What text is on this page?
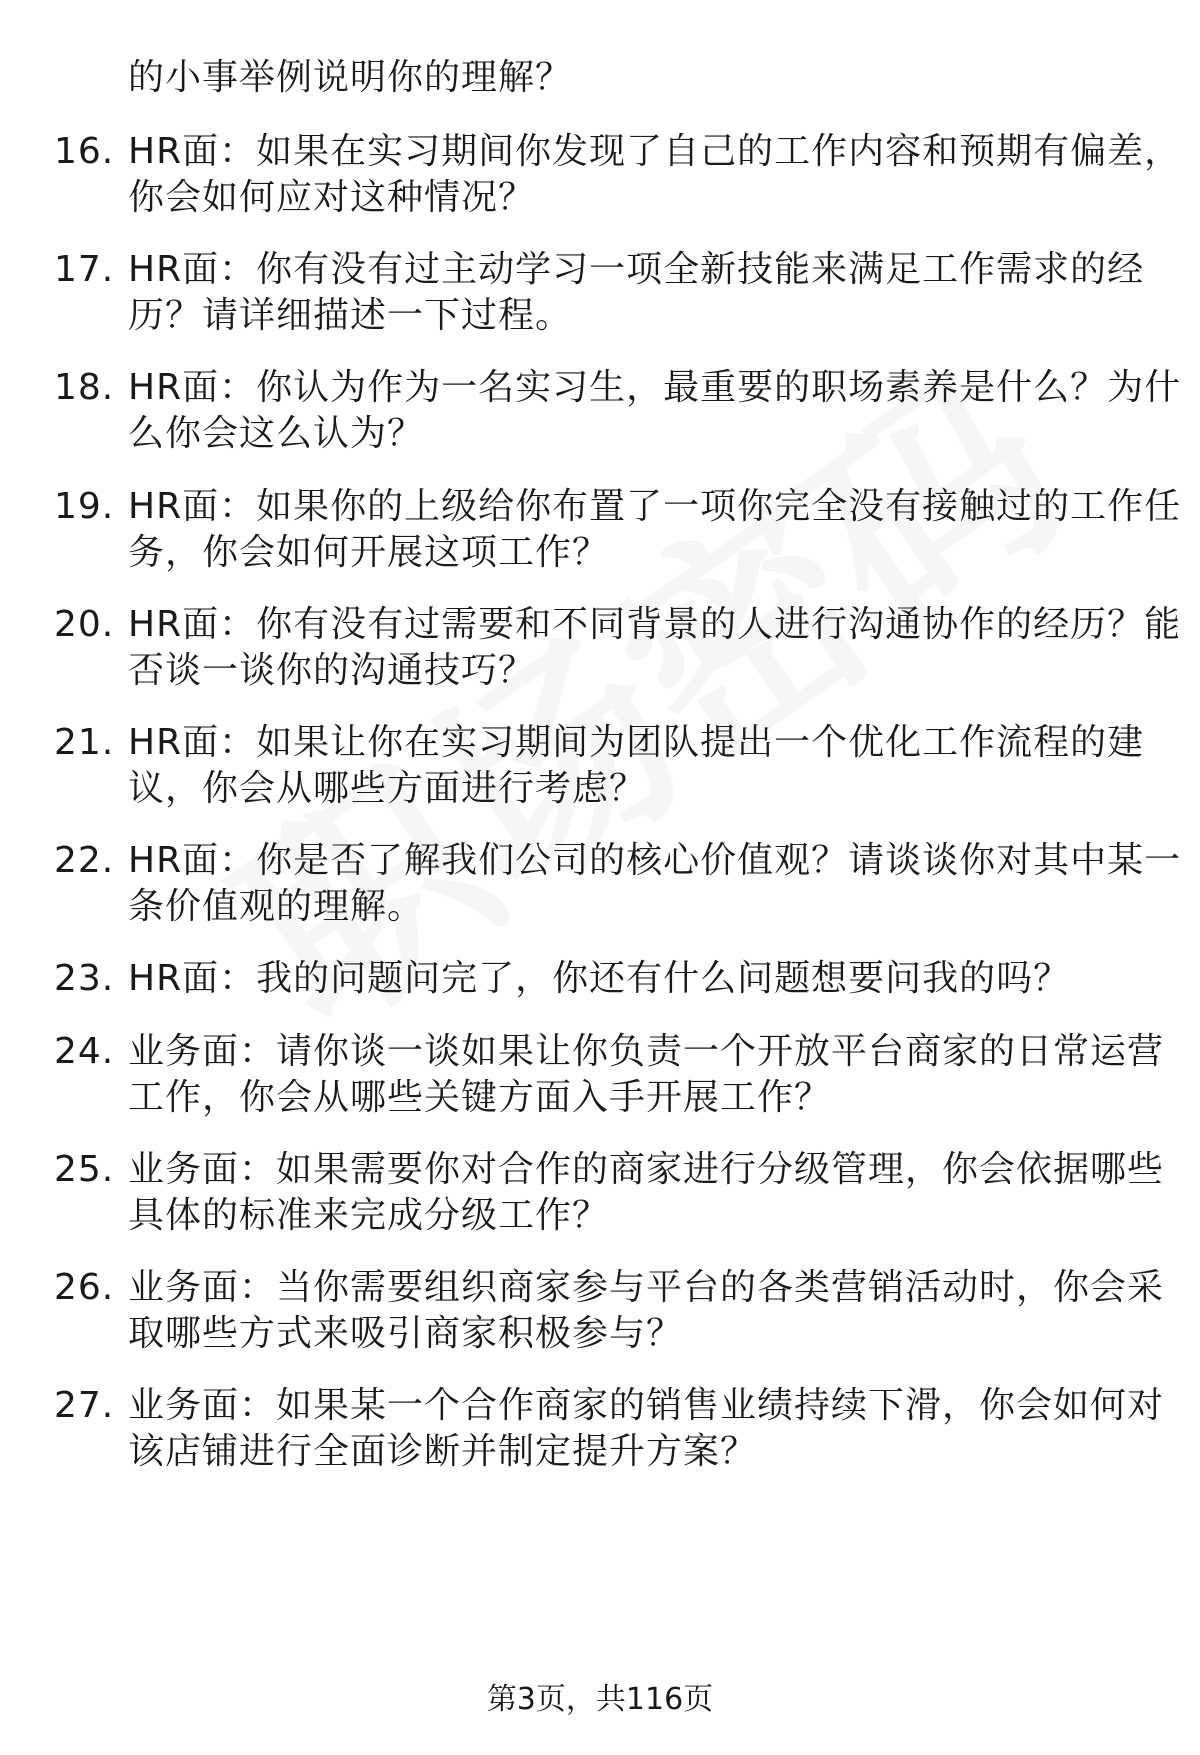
的小事举例说明你的理解？
16. HR面：如果在实习期间你发现了自己的工作内容和预期有偏差，
你会如何应对这种情况？
17. HR面：你有没有过主动学习一项全新技能来满足工作需求的经
历？请详细描述一下过程。
18. HR面：你认为作为一名实习生，最重要的职场素养是什么？为什
么你会这么认为？
19. HR面：如果你的上级给你布置了一项你完全没有接触过的工作任
务，你会如何开展这项工作？
20. HR面：你有没有过需要和不同背景的人进行沟通协作的经历？能
否谈一谈你的沟通技巧？
21. HR面：如果让你在实习期间为团队提出一个优化工作流程的建
议，你会从哪些方面进行考虑？
22. HR面：你是否了解我们公司的核心价值观？请谈谈你对其中某一
条价值观的理解。
23. HR面：我的问题问完了，你还有什么问题想要问我的吗？
24. 业务面：请你谈一谈如果让你负责一个开放平台商家的日常运营
工作，你会从哪些关键方面入手开展工作？
25. 业务面：如果需要你对合作的商家进行分级管理，你会依据哪些
具体的标准来完成分级工作？
26. 业务面：当你需要组织商家参与平台的各类营销活动时，你会采
取哪些方式来吸引商家积极参与？
27. 业务面：如果某一个合作商家的销售业绩持续下滑，你会如何对
该店铺进行全面诊断并制定提升方案？
第3页，共116页
